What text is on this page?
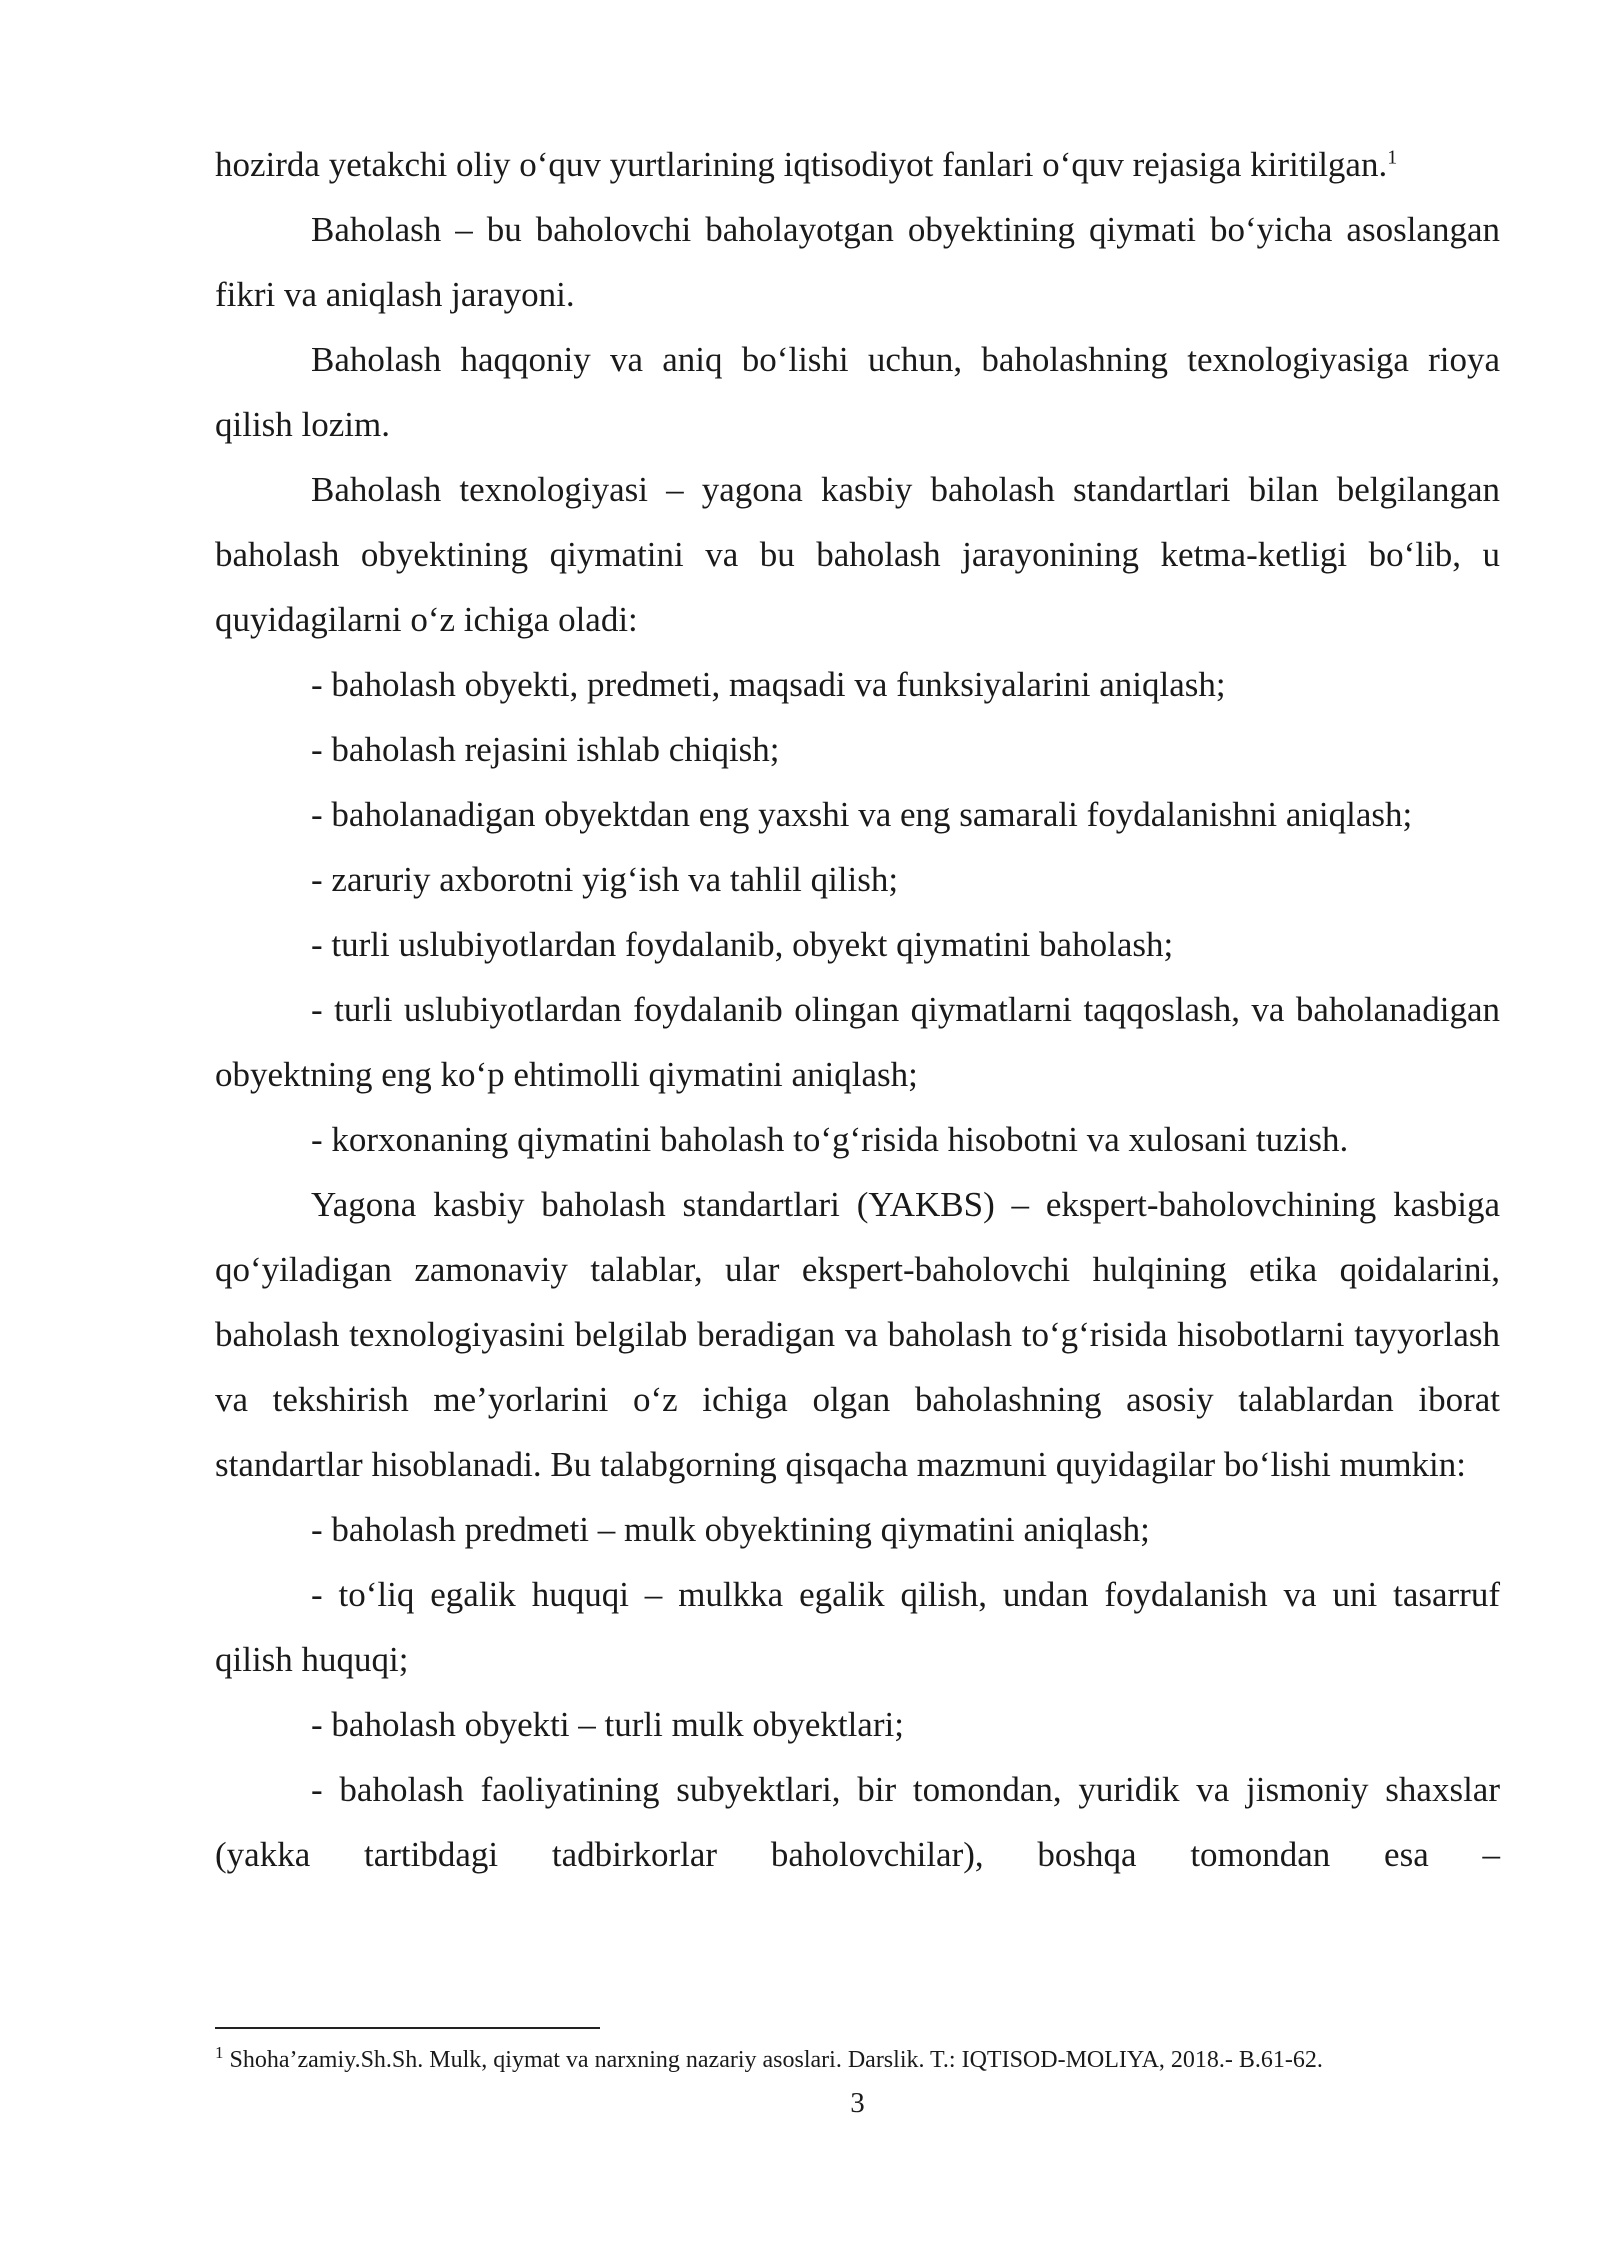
hozirda yetakchi oliy o‘quv yurtlarining iqtisodiyot fanlari o‘quv rejasiga kiritilgan.$^1$

Baholash – bu baholovchi baholayotgan obyektining qiymati bo‘yicha asoslangan fikri va aniqlash jarayoni.

Baholash haqqoniy va aniq bo‘lishi uchun, baholashning texnologiyasiga rioya qilish lozim.

Baholash texnologiyasi – yagona kasbiy baholash standartlari bilan belgilangan baholash obyektining qiymatini va bu baholash jarayonining ketma-ketligi bo‘lib, u quyidagilarni o‘z ichiga oladi:

- baholash obyekti, predmeti, maqsadi va funksiyalarini aniqlash;

- baholash rejasini ishlab chiqish;

- baholanadigan obyektdan eng yaxshi va eng samarali foydalanishni aniqlash;

- zaruriy axborotni yig‘ish va tahlil qilish;

- turli uslubiyotlardan foydalanib, obyekt qiymatini baholash;

- turli uslubiyotlardan foydalanib olingan qiymatlarni taqqoslash, va baholanadigan obyektning eng ko‘p ehtimolli qiymatini aniqlash;

- korxonaning qiymatini baholash to‘g‘risida hisobotni va xulosani tuzish.

Yagona kasbiy baholash standartlari (YAKBS) – ekspert-baholovchining kasbiga qo‘yiladigan zamonaviy talablar, ular ekspert-baholovchi hulqining etika qoidalarini, baholash texnologiyasini belgilab beradigan va baholash to‘g‘risida hisobotlarni tayyorlash va tekshirish me’yorlarini o‘z ichiga olgan baholashning asosiy talablardan iborat standartlar hisoblanadi. Bu talabgorning qisqacha mazmuni quyidagilar bo‘lishi mumkin:

- baholash predmeti – mulk obyektining qiymatini aniqlash;

- to‘liq egalik huquqi – mulkka egalik qilish, undan foydalanish va uni tasarruf qilish huquqi;

- baholash obyekti – turli mulk obyektlari;

- baholash faoliyatining subyektlari, bir tomondan, yuridik va jismoniy shaxslar (yakka tartibdagi tadbirkorlar baholovchilar), boshqa tomondan esa –

$^1$ Shoha’zamiy.Sh.Sh. Mulk, qiymat va narxning nazariy asoslari. Darslik. T.: IQTISOD-MOLIYA, 2018.- B.61-62.
3
